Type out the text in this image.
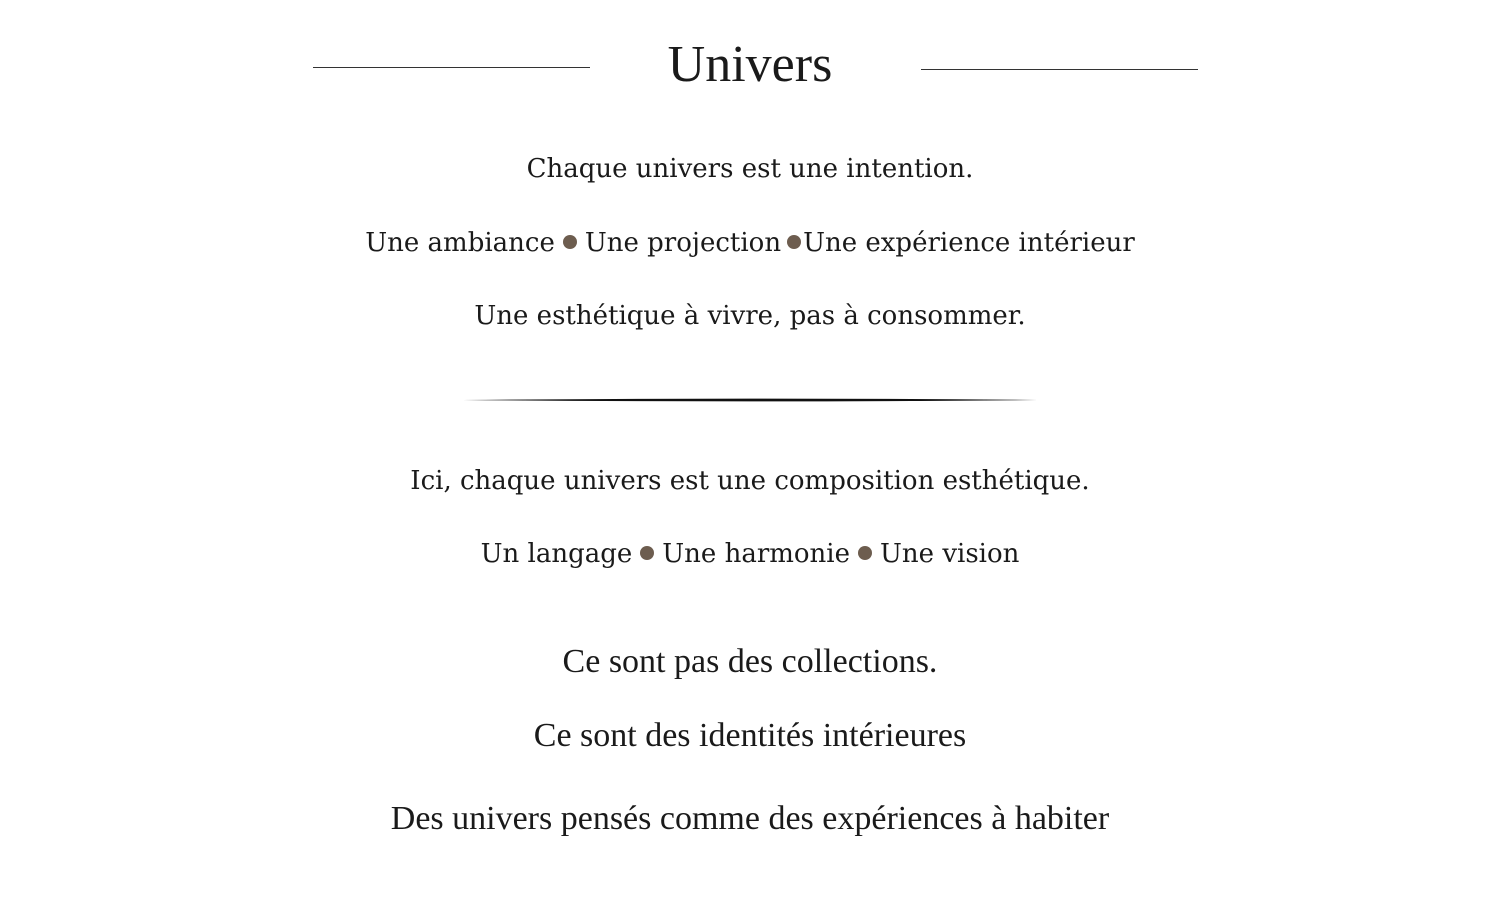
Univers

Chaque univers est une intention.

Une ambiance Une projection Une expérience intérieur

Une esthétique à vivre, pas à consommer.

Ici, chaque univers est une composition esthétique.

Un langage Une harmonie Une vision

Ce sont pas des collections.

Ce sont des identités intérieures

Des univers pensés comme des expériences à habiter
